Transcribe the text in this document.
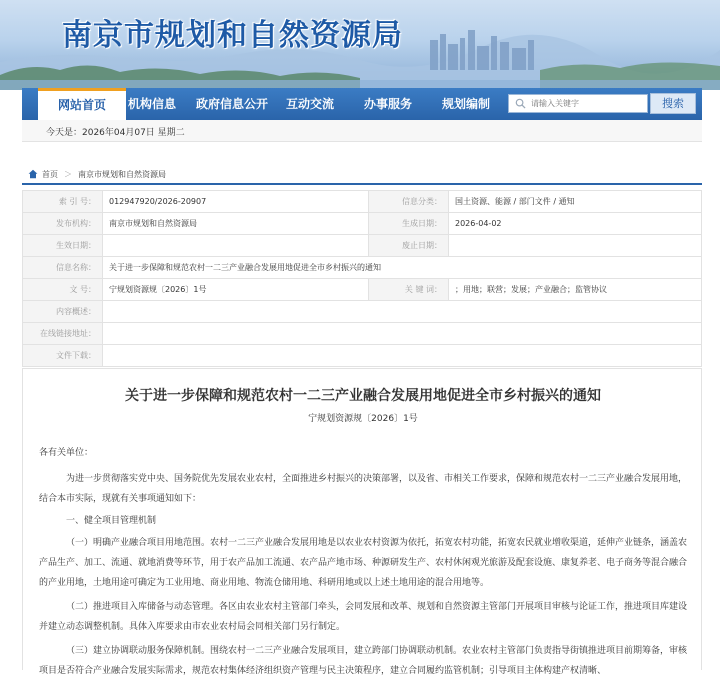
南京市规划和自然资源局
网站首页	机构信息 政府信息公开 互动交流 办事服务 规划编制
请输入关键字	搜索
今天是：2026年04月07日 星期二
首页 ＞ 南京市规划和自然资源局
索 引 号：	012947920/2026-20907	信息分类：	国土资源、能源 / 部门文件 / 通知
发布机构：	南京市规划和自然资源局	生成日期：	2026-04-02
生效日期：		废止日期：	
信息名称：	关于进一步保障和规范农村一二三产业融合发展用地促进全市乡村振兴的通知		
文 号：	宁规划资源规〔2026〕1号	关 键 词：	；用地；联营；发展；产业融合；监管协议
内容概述：			
在线链接地址：			
文件下载：			
关于进一步保障和规范农村一二三产业融合发展用地促进全市乡村振兴的通知
宁规划资源规〔2026〕1号

各有关单位：

为进一步贯彻落实党中央、国务院优先发展农业农村，全面推进乡村振兴的决策部署，以及省、市相关工作要求，保障和规范农村一二三产业融合发展用地，结合本市实际，现就有关事项通知如下：

一、健全项目管理机制

（一）明确产业融合项目用地范围。农村一二三产业融合发展用地是以农业农村资源为依托，拓宽农村功能，拓宽农民就业增收渠道，延伸产业链条，涵盖农产品生产、加工、流通、就地消费等环节，用于农产品加工流通、农产品产地市场、种源研发生产、农村休闲观光旅游及配套设施、康复养老、电子商务等混合融合的产业用地，土地用途可确定为工业用地、商业用地、物流仓储用地、科研用地或以上述土地用途的混合用地等。

（二）推进项目入库储备与动态管理。各区由农业农村主管部门牵头，会同发展和改革、规划和自然资源主管部门开展项目审核与论证工作，推进项目库建设并建立动态调整机制。具体入库要求由市农业农村局会同相关部门另行制定。

（三）建立协调联动服务保障机制。围绕农村一二三产业融合发展项目，建立跨部门协调联动机制。农业农村主管部门负责指导街镇推进项目前期筹备，审核项目是否符合产业融合发展实际需求，规范农村集体经济组织资产管理与民主决策程序，建立合同履约监管机制；引导项目主体构建产权清晰、
